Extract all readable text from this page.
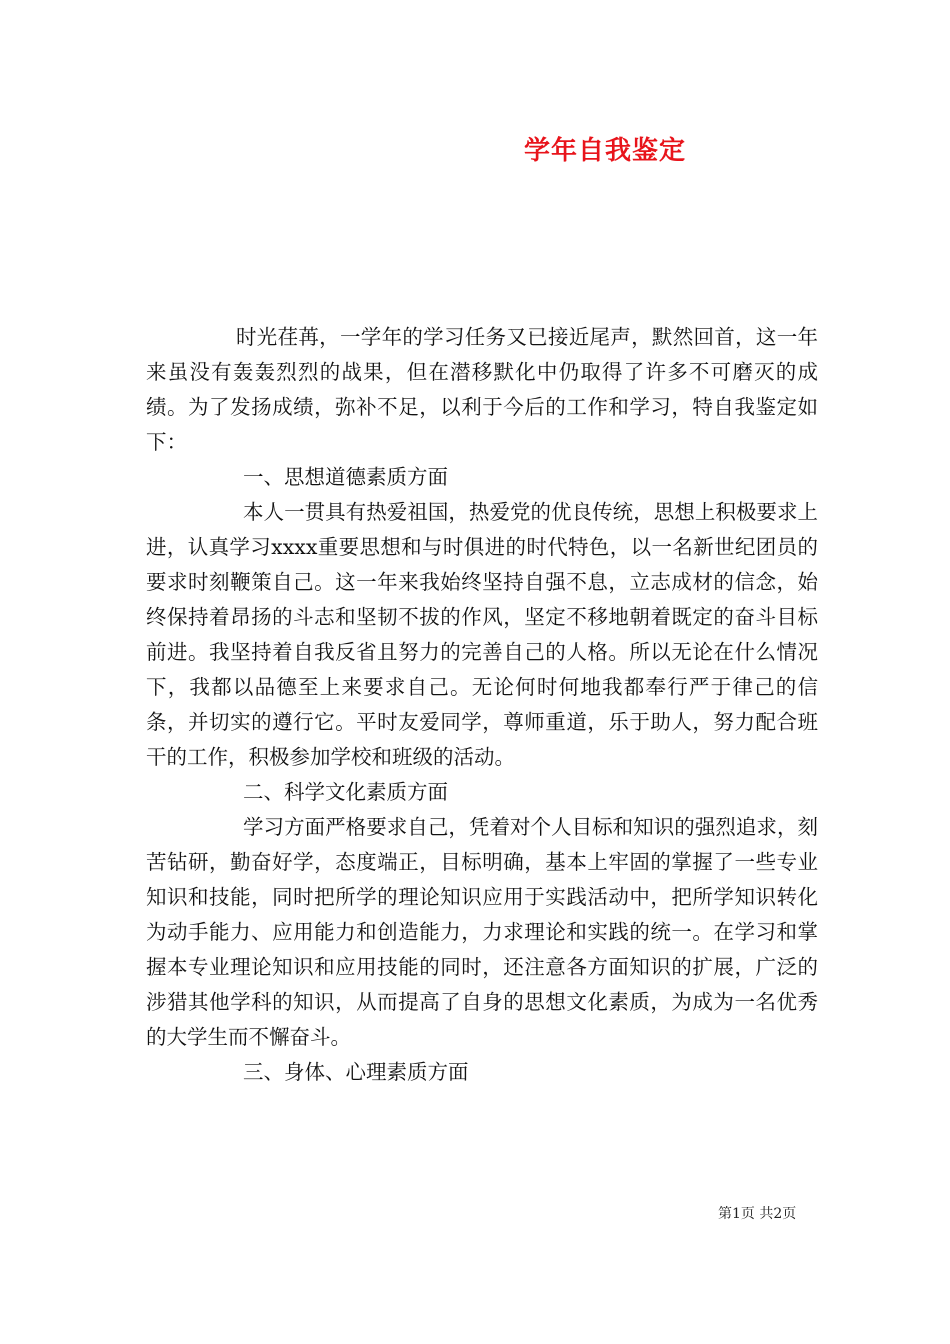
学年自我鉴定

时光荏苒，一学年的学习任务又已接近尾声，默然回首，这一年来虽没有轰轰烈烈的战果，但在潜移默化中仍取得了许多不可磨灭的成绩。为了发扬成绩，弥补不足，以利于今后的工作和学习，特自我鉴定如下：

一、思想道德素质方面

本人一贯具有热爱祖国，热爱党的优良传统，思想上积极要求上进，认真学习xxxx重要思想和与时俱进的时代特色，以一名新世纪团员的要求时刻鞭策自己。这一年来我始终坚持自强不息，立志成材的信念，始终保持着昂扬的斗志和坚韧不拔的作风，坚定不移地朝着既定的奋斗目标前进。我坚持着自我反省且努力的完善自己的人格。所以无论在什么情况下，我都以品德至上来要求自己。无论何时何地我都奉行严于律己的信条，并切实的遵行它。平时友爱同学，尊师重道，乐于助人，努力配合班干的工作，积极参加学校和班级的活动。

二、科学文化素质方面

学习方面严格要求自己，凭着对个人目标和知识的强烈追求，刻苦钻研，勤奋好学，态度端正，目标明确，基本上牢固的掌握了一些专业知识和技能，同时把所学的理论知识应用于实践活动中，把所学知识转化为动手能力、应用能力和创造能力，力求理论和实践的统一。在学习和掌握本专业理论知识和应用技能的同时，还注意各方面知识的扩展，广泛的涉猎其他学科的知识，从而提高了自身的思想文化素质，为成为一名优秀的大学生而不懈奋斗。

三、身体、心理素质方面

第1页 共2页
